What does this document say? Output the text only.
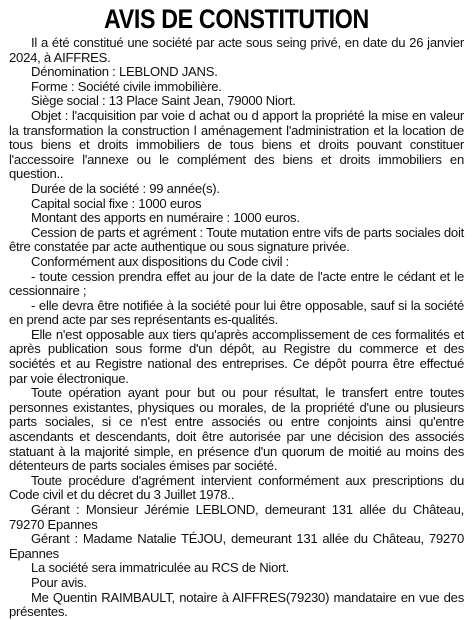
AVIS DE CONSTITUTION

Il a été constitué une société par acte sous seing privé, en date du 26 janvier 2024, à AIFFRES.

Dénomination : LEBLOND JANS.

Forme : Société civile immobilière.

Siège social : 13 Place Saint Jean, 79000 Niort.

Objet : l'acquisition par voie d achat ou d apport la propriété la mise en valeur la transformation la construction l aménagement l'administration et la location de tous biens et droits immobiliers de tous biens et droits pouvant constituer l'accessoire l'annexe ou le complément des biens et droits immobiliers en question..

Durée de la société : 99 année(s).

Capital social fixe : 1000 euros

Montant des apports en numéraire : 1000 euros.

Cession de parts et agrément : Toute mutation entre vifs de parts sociales doit être constatée par acte authentique ou sous signature privée.

Conformément aux dispositions du Code civil :

- toute cession prendra effet au jour de la date de l'acte entre le cédant et le cessionnaire ;

- elle devra être notifiée à la société pour lui être opposable, sauf si la société en prend acte par ses représentants es-qualités.

Elle n'est opposable aux tiers qu'après accomplissement de ces formalités et après publication sous forme d'un dépôt, au Registre du commerce et des sociétés et au Registre national des entreprises. Ce dépôt pourra être effectué par voie électronique.

Toute opération ayant pour but ou pour résultat, le transfert entre toutes personnes existantes, physiques ou morales, de la propriété d'une ou plusieurs parts sociales, si ce n'est entre associés ou entre conjoints ainsi qu'entre ascendants et descendants, doit être autorisée par une décision des associés statuant à la majorité simple, en présence d'un quorum de moitié au moins des détenteurs de parts sociales émises par société.

Toute procédure d'agrément intervient conformément aux prescriptions du Code civil et du décret du 3 Juillet 1978..

Gérant : Monsieur Jérémie LEBLOND, demeurant 131 allée du Château, 79270 Epannes

Gérant : Madame Natalie TÉJOU, demeurant 131 allée du Château, 79270 Epannes

La société sera immatriculée au RCS de Niort.

Pour avis.

Me Quentin RAIMBAULT, notaire à AIFFRES(79230) mandataire en vue des présentes.
